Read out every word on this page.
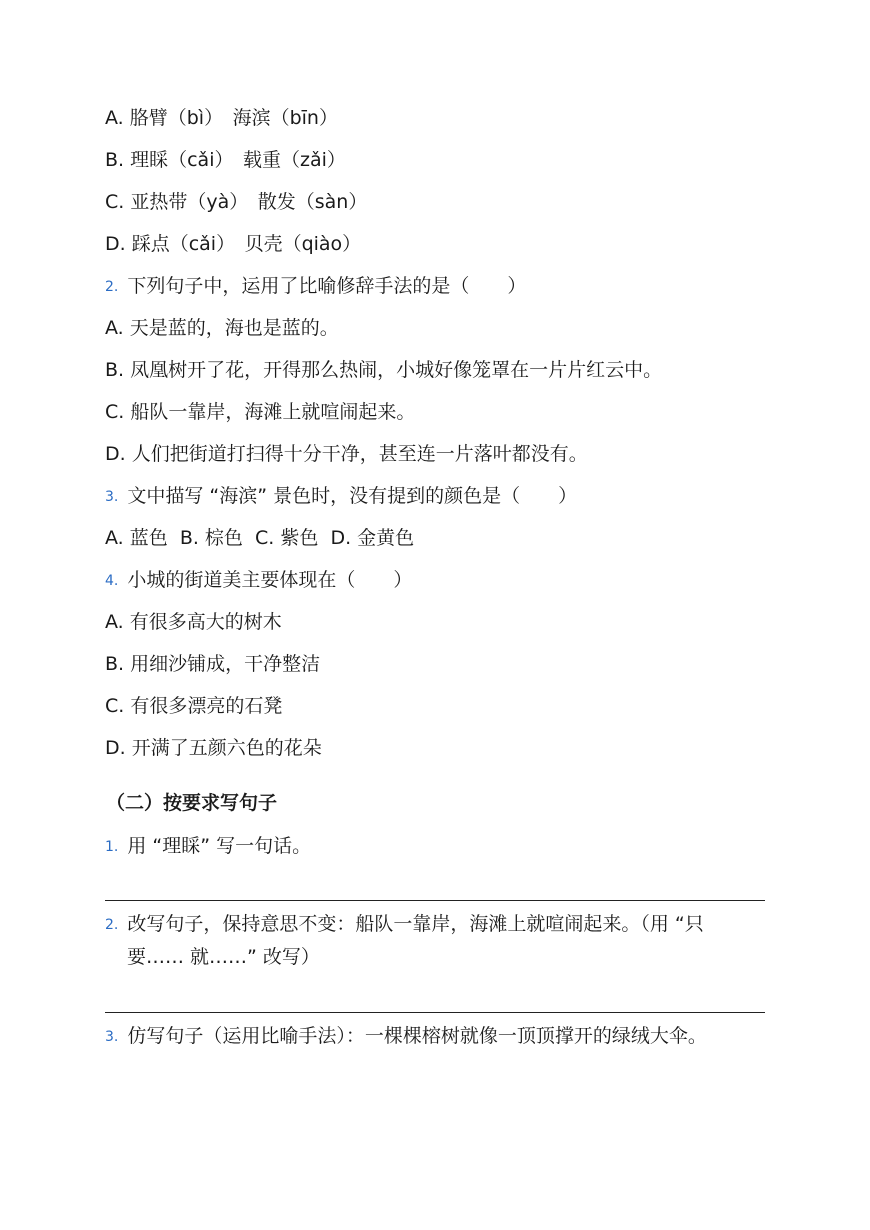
A. 胳臂（bì）　海滨（bīn）
B. 理睬（cǎi）　载重（zǎi）
C. 亚热带（yà）　散发（sàn）
D. 踩点（cǎi）　贝壳（qiào）
2. 下列句子中，运用了比喻修辞手法的是（　　）
A. 天是蓝的，海也是蓝的。
B. 凤凰树开了花，开得那么热闹，小城好像笼罩在一片片红云中。
C. 船队一靠岸，海滩上就喧闹起来。
D. 人们把街道打扫得十分干净，甚至连一片落叶都没有。
3. 文中描写 “海滨” 景色时，没有提到的颜色是（　　）
A. 蓝色  B. 棕色  C. 紫色  D. 金黄色
4. 小城的街道美主要体现在（　　）
A. 有很多高大的树木
B. 用细沙铺成，干净整洁
C. 有很多漂亮的石凳
D. 开满了五颜六色的花朵
（二）按要求写句子
1. 用 “理睬” 写一句话。
2. 改写句子，保持意思不变：船队一靠岸，海滩上就喧闹起来。（用 “只
要…… 就……” 改写）
3. 仿写句子（运用比喻手法）：一棵棵榕树就像一顶顶撑开的绿绒大伞。
